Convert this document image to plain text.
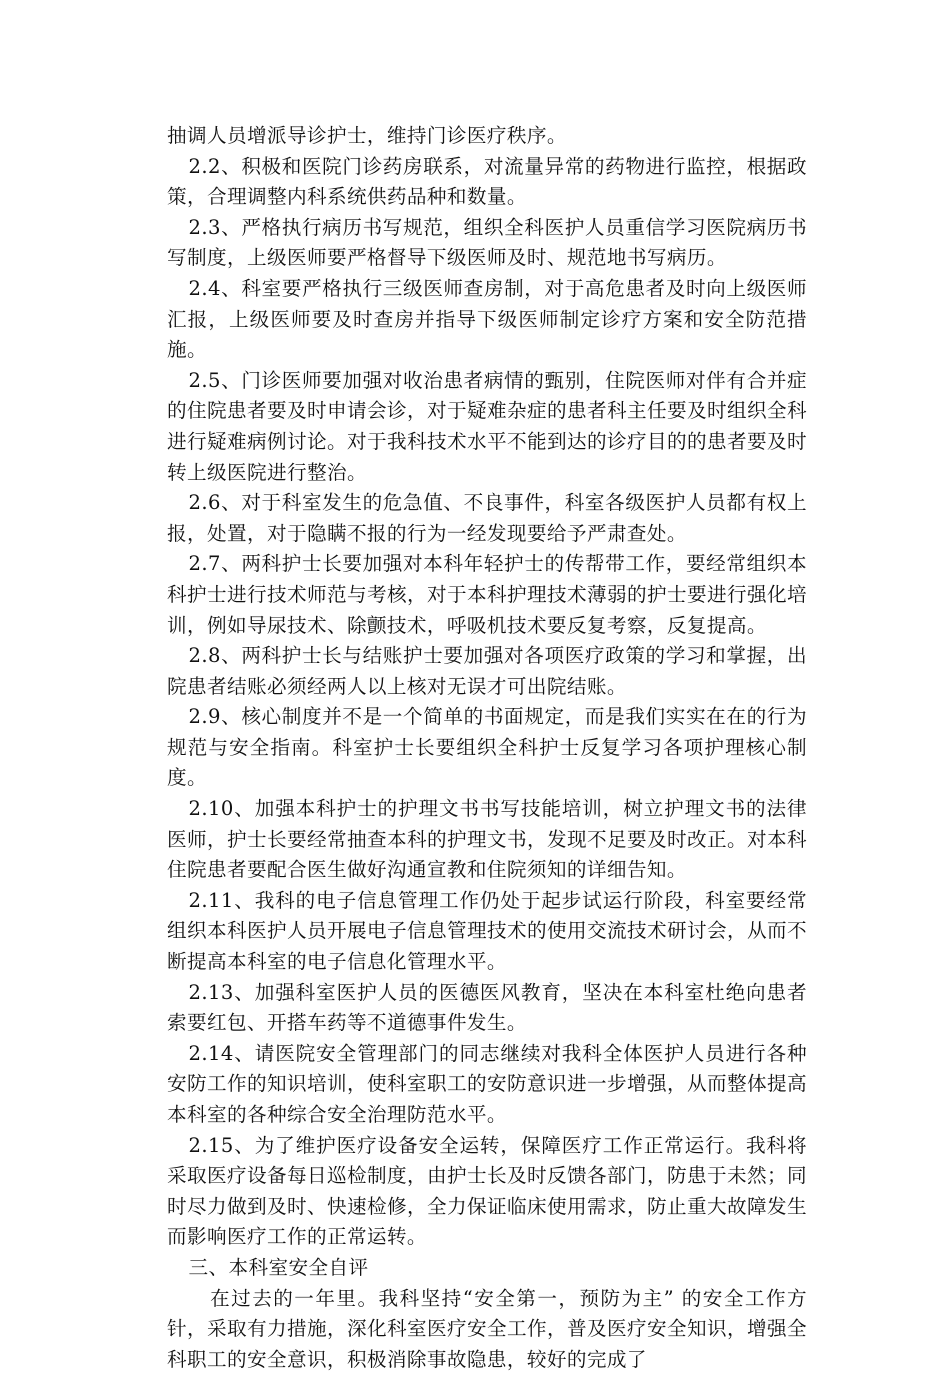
抽调人员增派导诊护士，维持门诊医疗秩序。

2.2、积极和医院门诊药房联系，对流量异常的药物进行监控，根据政策，合理调整内科系统供药品种和数量。

2.3、严格执行病历书写规范，组织全科医护人员重信学习医院病历书写制度，上级医师要严格督导下级医师及时、规范地书写病历。

2.4、科室要严格执行三级医师查房制，对于高危患者及时向上级医师汇报，上级医师要及时查房并指导下级医师制定诊疗方案和安全防范措施。

2.5、门诊医师要加强对收治患者病情的甄别，住院医师对伴有合并症的住院患者要及时申请会诊，对于疑难杂症的患者科主任要及时组织全科进行疑难病例讨论。对于我科技术水平不能到达的诊疗目的的患者要及时转上级医院进行整治。

2.6、对于科室发生的危急值、不良事件，科室各级医护人员都有权上报，处置，对于隐瞒不报的行为一经发现要给予严肃查处。

2.7、两科护士长要加强对本科年轻护士的传帮带工作，要经常组织本科护士进行技术师范与考核，对于本科护理技术薄弱的护士要进行强化培训，例如导尿技术、除颤技术，呼吸机技术要反复考察，反复提高。

2.8、两科护士长与结账护士要加强对各项医疗政策的学习和掌握，出院患者结账必须经两人以上核对无误才可出院结账。

2.9、核心制度并不是一个简单的书面规定，而是我们实实在在的行为规范与安全指南。科室护士长要组织全科护士反复学习各项护理核心制度。

2.10、加强本科护士的护理文书书写技能培训，树立护理文书的法律医师，护士长要经常抽查本科的护理文书，发现不足要及时改正。对本科住院患者要配合医生做好沟通宣教和住院须知的详细告知。

2.11、我科的电子信息管理工作仍处于起步试运行阶段，科室要经常组织本科医护人员开展电子信息管理技术的使用交流技术研讨会，从而不断提高本科室的电子信息化管理水平。

2.13、加强科室医护人员的医德医风教育，坚决在本科室杜绝向患者索要红包、开搭车药等不道德事件发生。

2.14、请医院安全管理部门的同志继续对我科全体医护人员进行各种安防工作的知识培训，使科室职工的安防意识进一步增强，从而整体提高本科室的各种综合安全治理防范水平。

2.15、为了维护医疗设备安全运转，保障医疗工作正常运行。我科将采取医疗设备每日巡检制度，由护士长及时反馈各部门，防患于未然；同时尽力做到及时、快速检修，全力保证临床使用需求，防止重大故障发生而影响医疗工作的正常运转。

三、本科室安全自评

在过去的一年里。我科坚持“安全第一，预防为主” 的安全工作方针，采取有力措施，深化科室医疗安全工作，普及医疗安全知识，增强全科职工的安全意识，积极消除事故隐患，较好的完成了
